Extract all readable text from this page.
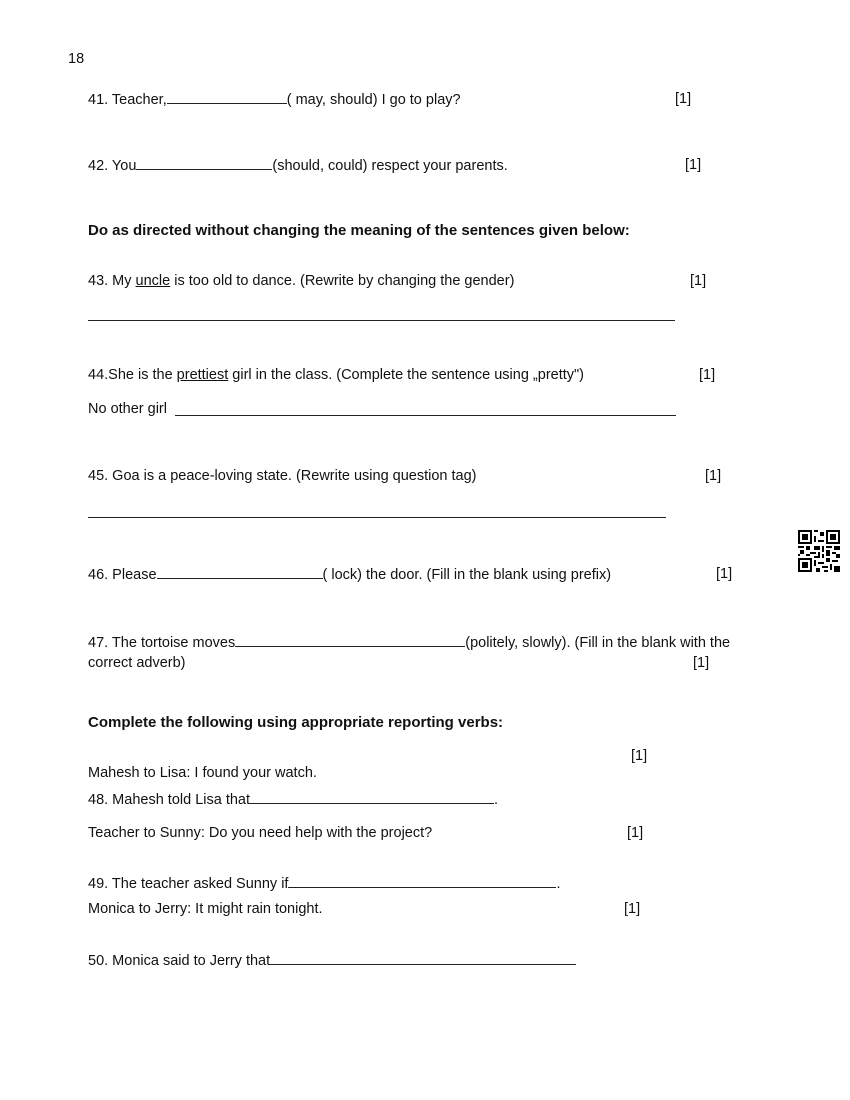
18
41. Teacher,	( may, should) I go to play?	[1]
42. You	(should, could) respect your parents.	[1]
Do as directed without changing the meaning of the sentences given below:
43. My uncle is too old to dance. (Rewrite by changing the gender)	[1]
44.She is the prettiest girl in the class. (Complete the sentence using „pretty")	[1]
No other girl
45. Goa is a peace-loving state. (Rewrite using question tag)	[1]
46. Please	( lock) the door. (Fill in the blank using prefix)	[1]
47. The tortoise moves	(politely, slowly). (Fill in the blank with the
correct adverb)	[1]
Complete the following using appropriate reporting verbs:
[1]
Mahesh to Lisa: I found your watch.
48. Mahesh told Lisa that	.
Teacher to Sunny: Do you need help with the project?	[1]
49. The teacher asked Sunny if	.
Monica to Jerry: It might rain tonight.	[1]
50. Monica said to Jerry that
